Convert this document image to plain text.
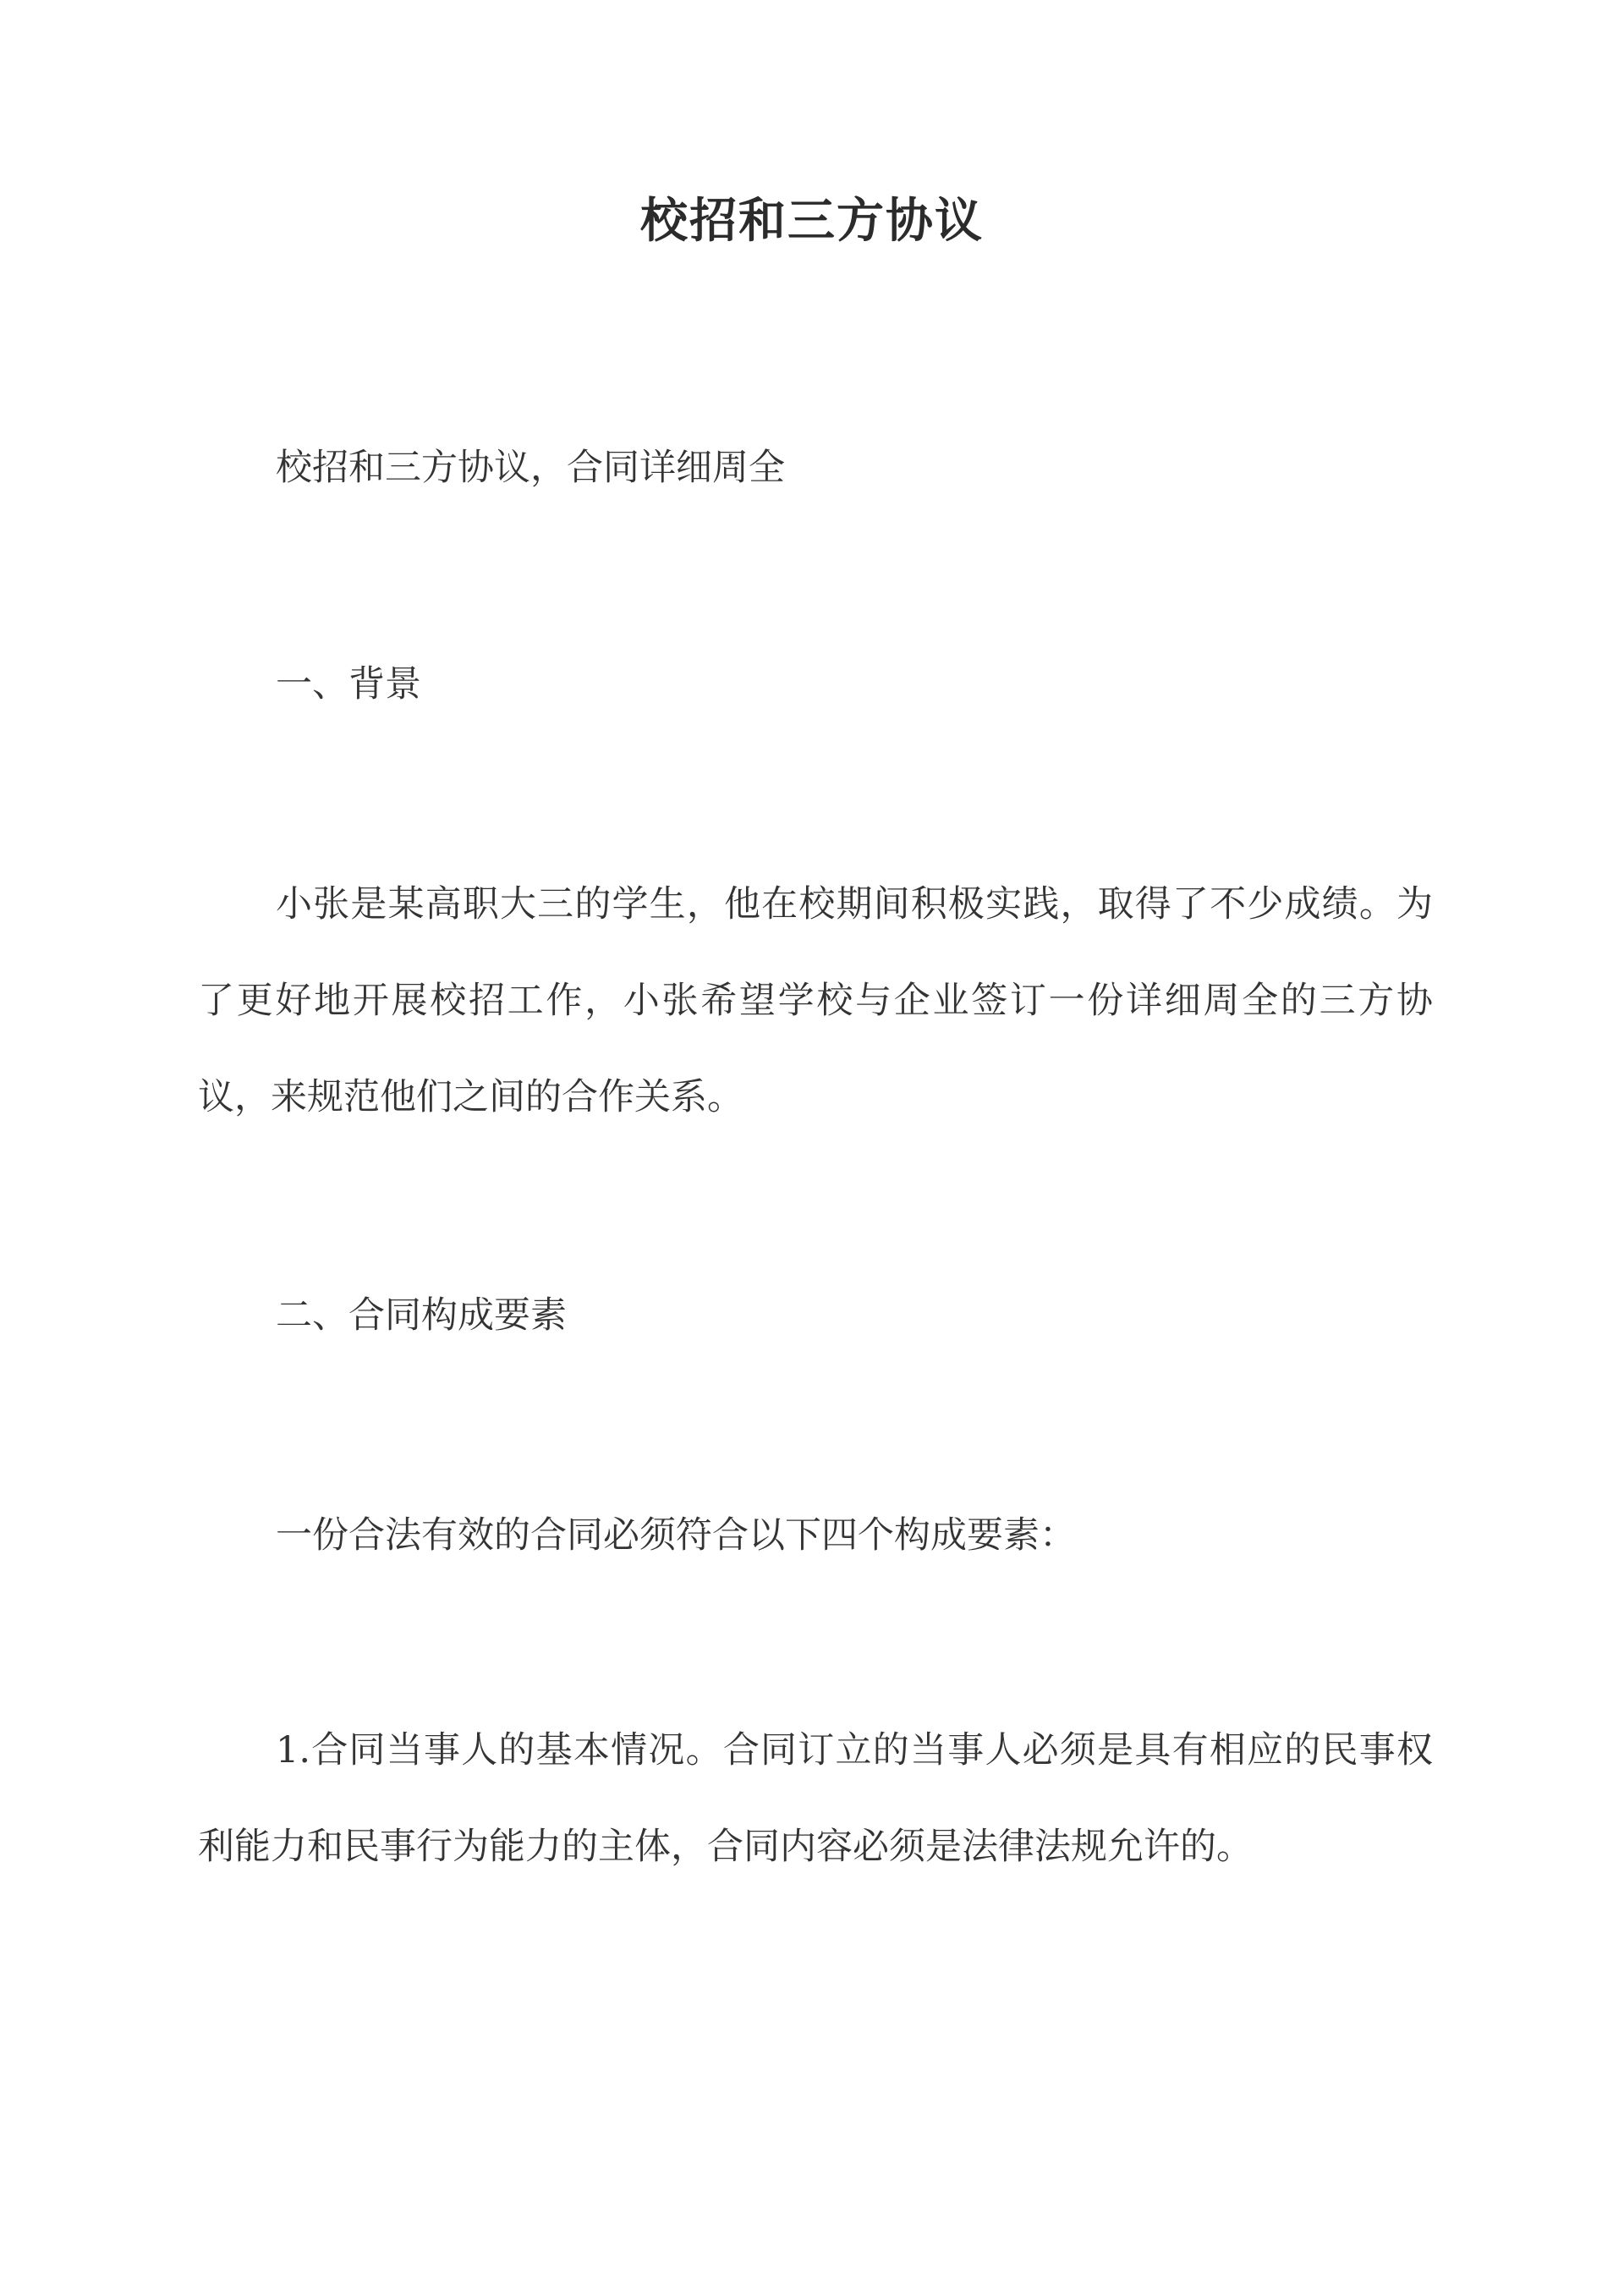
校招和三方协议
校招和三方协议，合同详细周全
一、背景
小张是某高职大三的学生，他在校期间积极实践，取得了不少成绩。为了更好地开展校招工作，小张希望学校与企业签订一份详细周全的三方协议，来规范他们之间的合作关系。
二、合同构成要素
一份合法有效的合同必须符合以下四个构成要素：
1.合同当事人的基本情况。合同订立的当事人必须是具有相应的民事权利能力和民事行为能力的主体，合同内容必须是法律法规允许的。
